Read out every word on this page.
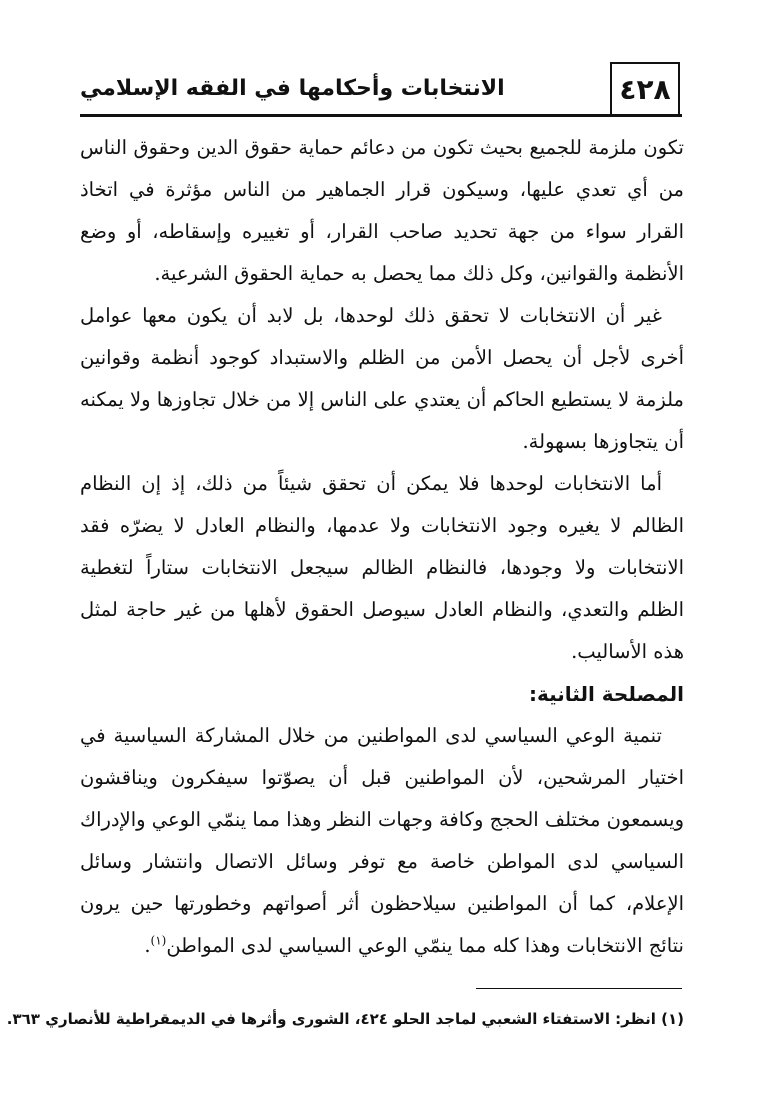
٤٢٨
الانتخابات وأحكامها في الفقه الإسلامي

تكون ملزمة للجميع بحيث تكون من دعائم حماية حقوق الدين وحقوق الناس من أي تعدي عليها، وسيكون قرار الجماهير من الناس مؤثرة في اتخاذ القرار سواء من جهة تحديد صاحب القرار، أو تغييره وإسقاطه، أو وضع الأنظمة والقوانين، وكل ذلك مما يحصل به حماية الحقوق الشرعية.

غير أن الانتخابات لا تحقق ذلك لوحدها، بل لابد أن يكون معها عوامل أخرى لأجل أن يحصل الأمن من الظلم والاستبداد كوجود أنظمة وقوانين ملزمة لا يستطيع الحاكم أن يعتدي على الناس إلا من خلال تجاوزها ولا يمكنه أن يتجاوزها بسهولة.

أما الانتخابات لوحدها فلا يمكن أن تحقق شيئاً من ذلك، إذ إن النظام الظالم لا يغيره وجود الانتخابات ولا عدمها، والنظام العادل لا يضرّه فقد الانتخابات ولا وجودها، فالنظام الظالم سيجعل الانتخابات ستاراً لتغطية الظلم والتعدي، والنظام العادل سيوصل الحقوق لأهلها من غير حاجة لمثل هذه الأساليب.

المصلحة الثانية:

تنمية الوعي السياسي لدى المواطنين من خلال المشاركة السياسية في اختيار المرشحين، لأن المواطنين قبل أن يصوّتوا سيفكرون ويناقشون ويسمعون مختلف الحجج وكافة وجهات النظر وهذا مما ينمّي الوعي والإدراك السياسي لدى المواطن خاصة مع توفر وسائل الاتصال وانتشار وسائل الإعلام، كما أن المواطنين سيلاحظون أثر أصواتهم وخطورتها حين يرون نتائج الانتخابات وهذا كله مما ينمّي الوعي السياسي لدى المواطن$^{(١)}$.

(١) انظر: الاستفتاء الشعبي لماجد الحلو ٤٢٤، الشورى وأثرها في الديمقراطية للأنصاري ٣٦٣.
